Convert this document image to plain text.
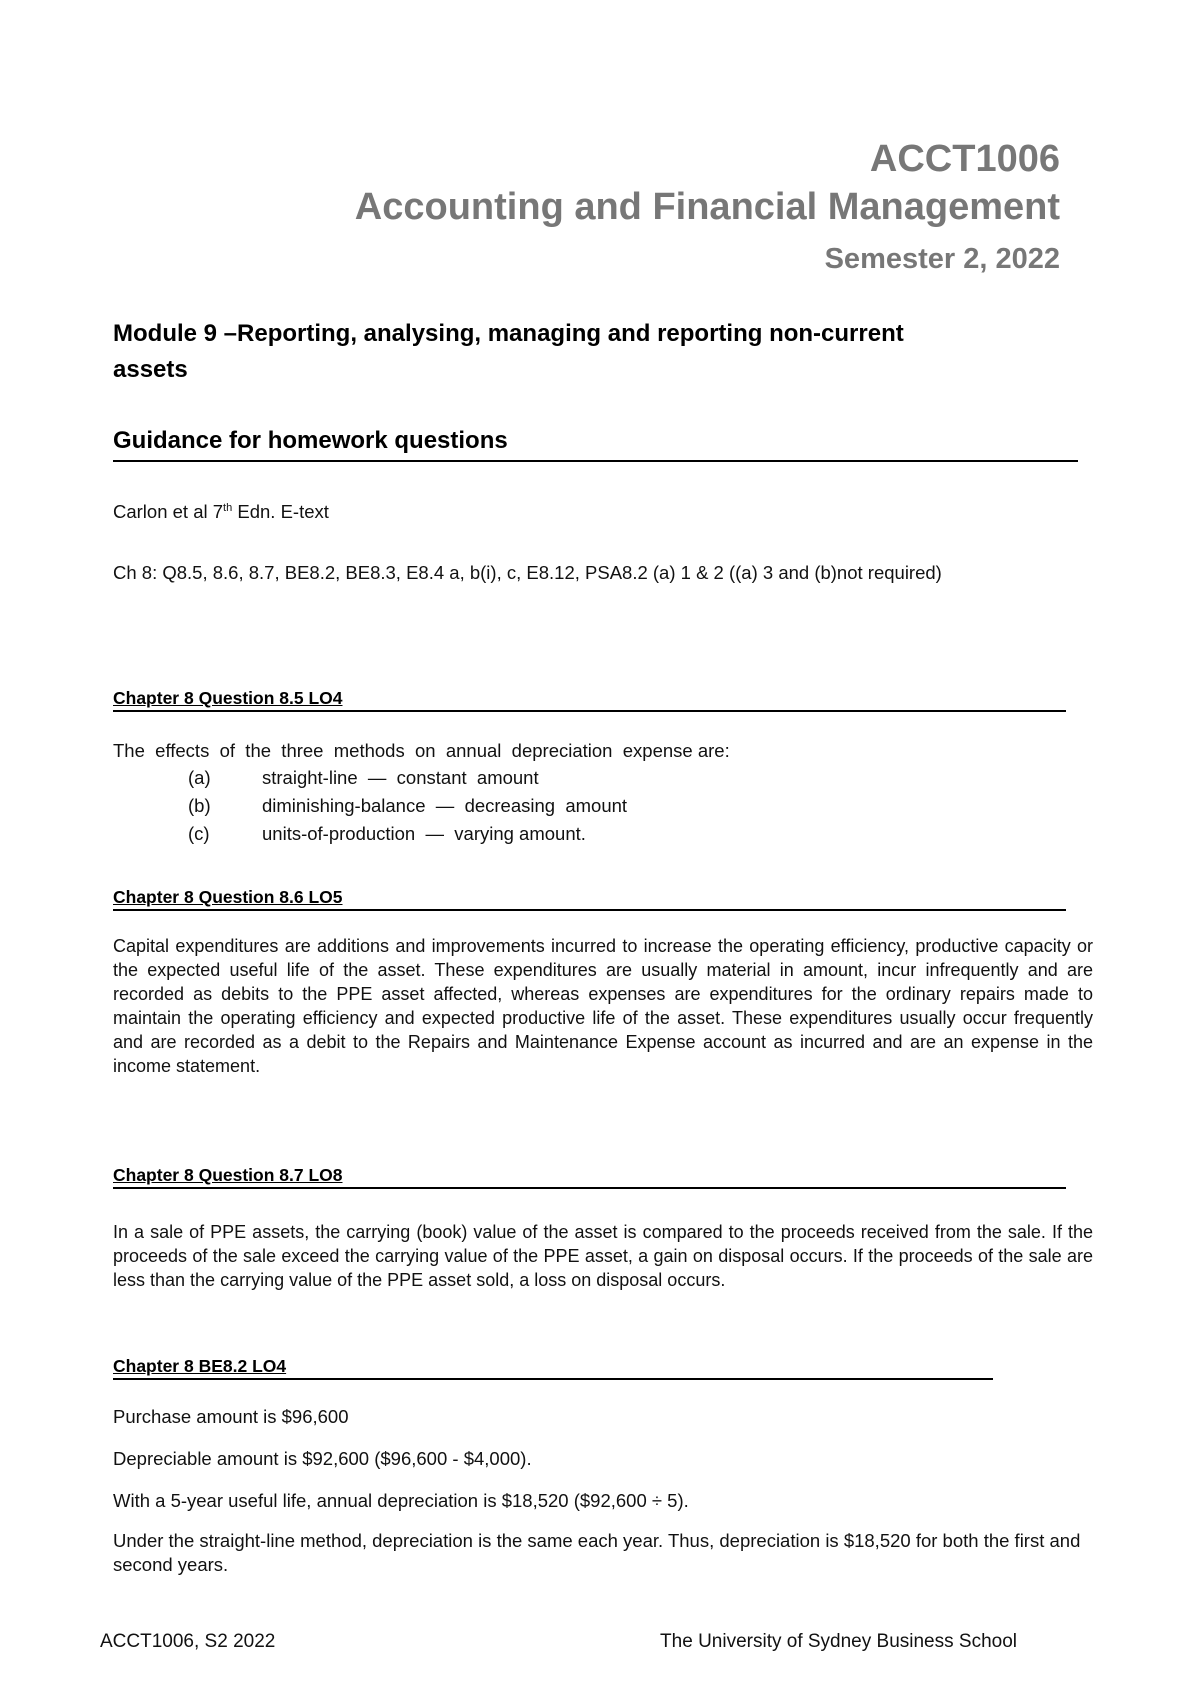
ACCT1006
Accounting and Financial Management
Semester 2, 2022
Module 9 –Reporting, analysing, managing and reporting non-current assets
Guidance for homework questions
Carlon et al 7th Edn. E-text
Ch 8: Q8.5, 8.6, 8.7, BE8.2, BE8.3, E8.4 a, b(i), c, E8.12, PSA8.2 (a) 1 & 2 ((a) 3 and (b)not required)
Chapter 8 Question 8.5 LO4
The  effects  of  the  three  methods  on  annual  depreciation  expense are:
(a)	straight-line  —  constant  amount
(b)	diminishing-balance  —  decreasing  amount
(c)	units-of-production  —  varying amount.
Chapter 8 Question 8.6 LO5
Capital expenditures are additions and improvements incurred to increase the operating efficiency, productive capacity or the expected useful life of the asset. These expenditures are usually material in amount, incur infrequently and are recorded as debits to the PPE asset affected, whereas expenses are expenditures for the ordinary repairs made to maintain the operating efficiency and expected productive life of the asset. These expenditures usually occur frequently and are recorded as a debit to the Repairs and Maintenance Expense account as incurred and are an expense in the income statement.
Chapter 8 Question 8.7 LO8
In a sale of PPE assets, the carrying (book) value of the asset is compared to the proceeds received from the sale. If the proceeds of the sale exceed the carrying value of the PPE asset, a gain on disposal occurs. If the proceeds of the sale are less than the carrying value of the PPE asset sold, a loss on disposal occurs.
Chapter 8 BE8.2 LO4
Purchase amount is $96,600
Depreciable amount is $92,600 ($96,600 - $4,000).
With a 5-year useful life, annual depreciation is $18,520 ($92,600 ÷ 5).
Under the straight-line method, depreciation is the same each year. Thus, depreciation is $18,520 for both the first and second years.
ACCT1006, S2 2022	The University of Sydney Business School
